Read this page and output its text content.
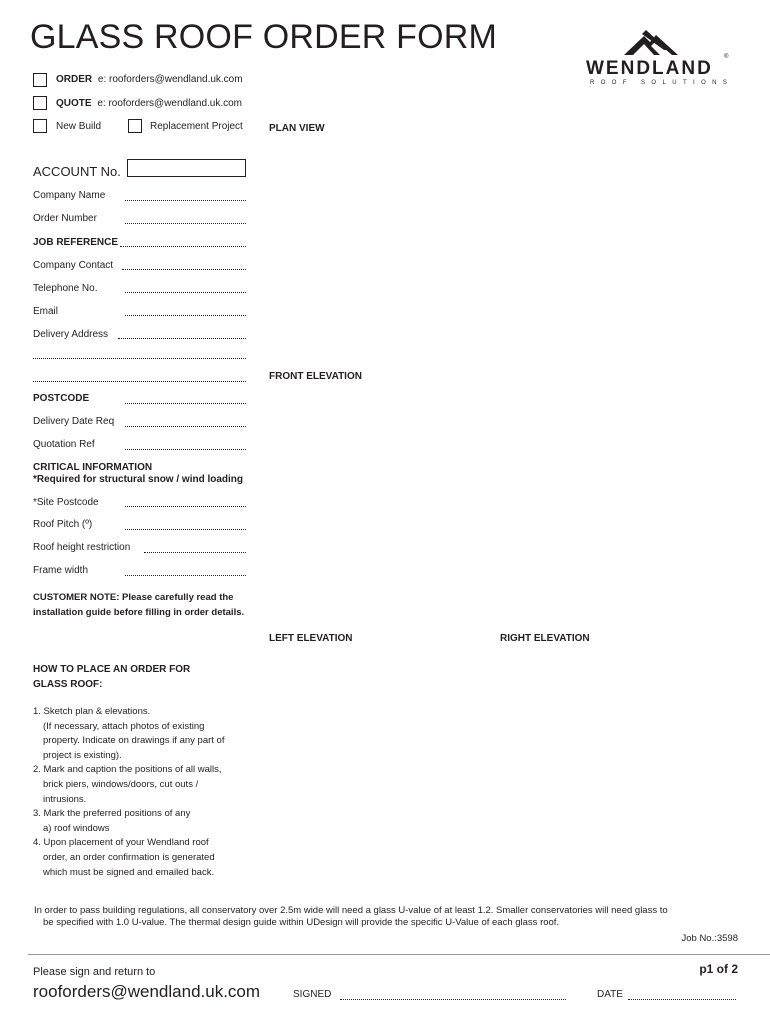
GLASS ROOF ORDER FORM
WENDLAND
®
ROOF SOLUTIONS
ORDER e: rooforders@wendland.uk.com
QUOTE e: rooforders@wendland.uk.com
New Build	Replacement Project	PLAN VIEW
FRONT ELEVATION
LEFT ELEVATION	RIGHT ELEVATION
ACCOUNT No.
Company Name
Order Number
JOB REFERENCE
Company Contact
Telephone No.
Email
Delivery Address
POSTCODE
Delivery Date Req
Quotation Ref
CRITICAL INFORMATION
*Required for structural snow / wind loading
*Site Postcode
Roof Pitch (º)
Roof height restriction
Frame width
CUSTOMER NOTE: Please carefully read the installation guide before filling in order details.
HOW TO PLACE AN ORDER FOR
GLASS ROOF:
1. Sketch plan & elevations.
(If necessary, attach photos of existing
property. Indicate on drawings if any part of
project is existing).
2. Mark and caption the positions of all walls,
brick piers, windows/doors, cut outs /
intrusions.
3. Mark the preferred positions of any
a) roof windows
4. Upon placement of your Wendland roof
order, an order confirmation is generated
which must be signed and emailed back.
In order to pass building regulations, all conservatory over 2.5m wide will need a glass U-value of at least 1.2. Smaller conservatories will need glass to
be specified with 1.0 U-value. The thermal design guide within UDesign will provide the specific U-Value of each glass roof.
Job No.:3598
Please sign and return to
rooforders@wendland.uk.com
p1 of 2
SIGNED	DATE
